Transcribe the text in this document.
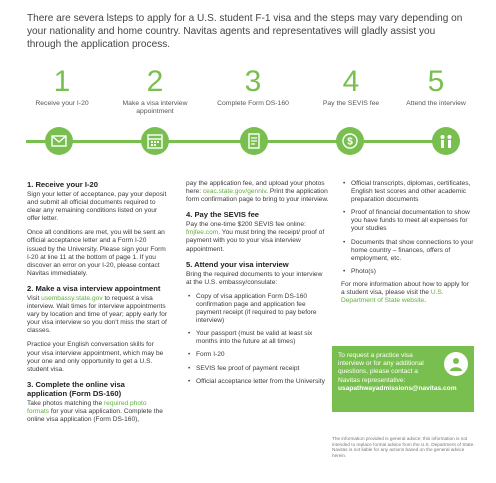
There are severa lsteps to apply for a U.S. student F-1 visa and the steps may vary depending on your nationality and home country. Navitas agents and representatives will gladly assist you through the application process.
1
Receive your I-20
2
Make a visa interview appointment
3
Complete Form DS-160
4
Pay the SEVIS fee
5
Attend the interview
$
1. Receive your I-20

Sign your letter of acceptance, pay your deposit and submit all official documents required to clear any remaining conditions listed on your offer letter.

Once all conditions are met, you will be sent an official acceptance letter and a Form I-20 issued by the University. Please sign your Form I-20 at line 11 at the bottom of page 1. If you discover an error on your I-20, please contact Navitas immediately.

2. Make a visa interview appointment

Visit usembassy.state.gov to request a visa interview. Wait times for interview appointments vary by location and time of year; apply early for your visa interview so you don't miss the start of classes.

Practice your English conversation skills for your visa interview appointment, which may be your one and only opportunity to get a U.S. student visa.

3. Complete the online visa application (Form DS-160)

Take photos matching the required photo formats for your visa application. Complete the online visa application (Form DS-160),

pay the application fee, and upload your photos here: ceac.state.gov/genniv. Print the application form confirmation page to bring to your interview.

4. Pay the SEVIS fee

Pay the one-time $200 SEVIS fee online: fmjfee.com. You must bring the receipt/ proof of payment with you to your visa interview appointment.

5. Attend your visa interview

Bring the required documents to your interview at the U.S. embassy/consulate:

• Copy of visa application Form DS-160 confirmation page and application fee payment receipt (if required to pay before interview)
• Your passport (must be valid at least six months into the future at all times)
• Form I-20
• SEVIS fee proof of payment receipt
• Official acceptance letter from the University
• Official transcripts, diplomas, certificates, English test scores and other academic preparation documents
• Proof of financial documentation to show you have funds to meet all expenses for your studies
• Documents that show connections to your home country – finances, offers of employment, etc.
• Photo(s)

For more information about how to apply for a student visa, please visit the U.S. Department of State website.

To request a practice visa interview or for any additional questions, please contact a Navitas representative:
usapathwayadmissions@navitas.com
The information provided is general advice; this information is not intended to replace formal advice from the U.S. Department of State. Navitas is not liable for any actions based on the general advice herein.
